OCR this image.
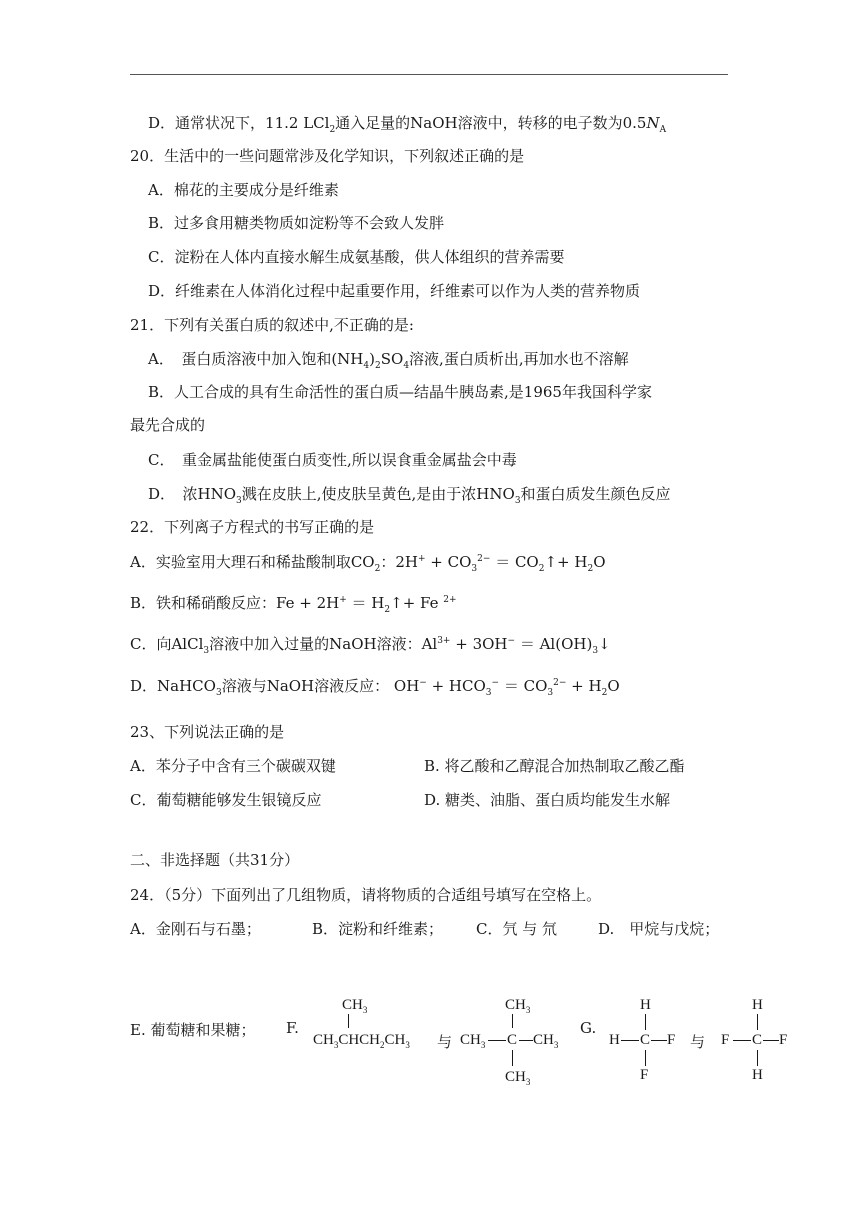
D．通常状况下，11.2 LCl$_2$通入足量的NaOH溶液中，转移的电子数为$0.5N_A$
20．生活中的一些问题常涉及化学知识，下列叙述正确的是
A．棉花的主要成分是纤维素
B．过多食用糖类物质如淀粉等不会致人发胖
C．淀粉在人体内直接水解生成氨基酸，供人体组织的营养需要
D．纤维素在人体消化过程中起重要作用，纤维素可以作为人类的营养物质
21．下列有关蛋白质的叙述中,不正确的是:
A．　蛋白质溶液中加入饱和$(NH_4)_2SO_4$溶液,蛋白质析出,再加水也不溶解
B．人工合成的具有生命活性的蛋白质—结晶牛胰岛素,是1965年我国科学家
最先合成的
C．　重金属盐能使蛋白质变性,所以误食重金属盐会中毒
D．　浓$HNO_3$溅在皮肤上,使皮肤呈黄色,是由于浓$HNO_3$和蛋白质发生颜色反应
22．下列离子方程式的书写正确的是
A．实验室用大理石和稀盐酸制取$CO_2$：$2H^+ + CO_3^{2-}$ ＝ $CO_2↑+ H_2O$
B．铁和稀硝酸反应：$Fe + 2H^+ = H_2↑+ Fe$ $^{2+}$
C．向AlCl$_3$溶液中加入过量的NaOH溶液：$Al^{3+} + 3OH^-$ ＝ $Al(OH)_3↓$
D．NaHCO$_3$溶液与NaOH溶液反应： $OH^- + HCO_3^- = CO_3^{2-} + H_2O$
23、下列说法正确的是
A．苯分子中含有三个碳碳双键	B. 将乙酸和乙醇混合加热制取乙酸乙酯
C．葡萄糖能够发生银镜反应	D. 糖类、油脂、蛋白质均能发生水解
二、非选择题（共31分）
24．（5分）下面列出了几组物质，请将物质的合适组号填写在空格上。
A．金刚石与石墨；	B．淀粉和纤维素； C．氕 与 氘	D.　甲烷与戊烷；
E. 葡萄糖和果糖； F.
$CH_3$
$CH_3CHCH_2CH_3$ 与
$CH_3$
$CH_3$ C $CH_3$
$CH_3$
G.
H
H C F
F
与
H
F C F
H
